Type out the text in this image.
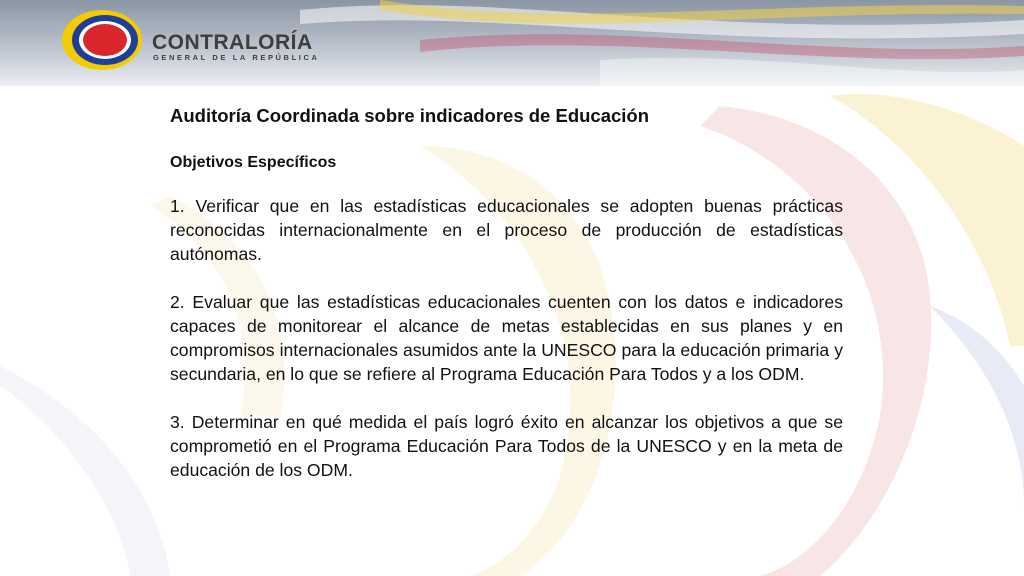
CONTRALORÍA
GENERAL DE LA REPÚBLICA
Auditoría Coordinada sobre indicadores de Educación
Objetivos Específicos

1. Verificar que en las estadísticas educacionales se adopten buenas prácticas reconocidas internacionalmente en el proceso de producción de estadísticas autónomas.

2. Evaluar que las estadísticas educacionales cuenten con los datos e indicadores capaces de monitorear el alcance de metas establecidas en sus planes y en compromisos internacionales asumidos ante la UNESCO para la educación primaria y secundaria, en lo que se refiere al Programa Educación Para Todos y a los ODM.

3. Determinar en qué medida el país logró éxito en alcanzar los objetivos a que se comprometió en el Programa Educación Para Todos de la UNESCO y en la meta de educación de los ODM.
